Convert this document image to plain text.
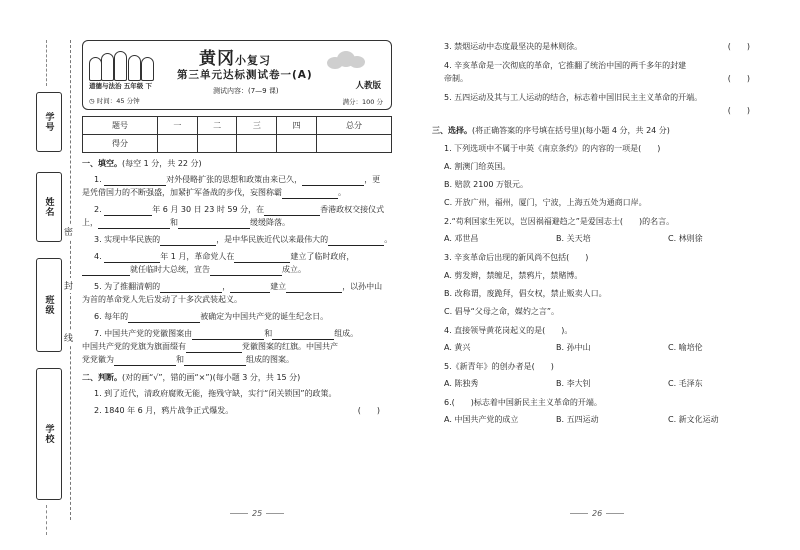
学号
姓名
班级
学校
密
封
线
道德与法治 五年级 下
◷ 时间：45 分钟
黄冈小复习
第三单元达标测试卷一(A)
人教版
测试内容：(7—9 课)
满分：100 分
题号	一	二	三	四	总分
得分					
一、填空。(每空 1 分，共 22 分)
1.	对外侵略扩张的思想和政策由来已久，	，更
是凭借国力的不断强盛，加紧扩军备战的步伐，妄图称霸	。
2.	年 6 月 30 日 23 时 59 分，在	香港政权交接仪式
上，	和	缓缓降落。
3. 实现中华民族的	，是中华民族近代以来最伟大的	。
4.	年 1 月，革命党人在	建立了临时政府，
就任临时大总统，宣告	成立。
5. 为了推翻清朝的	，	建立	，以孙中山
为首的革命党人先后发动了十多次武装起义。
6. 每年的	被确定为中国共产党的诞生纪念日。
7. 中国共产党的党徽图案由	和	组成。
中国共产党的党旗为旗面缀有	党徽图案的红旗。中国共产
党党徽为	和	组成的图案。
二、判断。(对的画“√”，错的画“×”)(每小题 3 分，共 15 分)
1. 到了近代，清政府腐败无能，拖残守缺，实行“闭关锁国”的政策。
2. 1840 年 6 月，鸦片战争正式爆发。	(　　)
25
3. 禁烟运动中态度最坚决的是林则徐。	(　　)
4. 辛亥革命是一次彻底的革命，它推翻了统治中国的两千多年的封建
帝制。	(　　)
5. 五四运动及其与工人运动的结合，标志着中国旧民主主义革命的开端。

(　　)
三、选择。(将正确答案的序号填在括号里)(每小题 4 分，共 24 分)
1. 下列选项中不属于中英《南京条约》的内容的一项是(　　)
A. 割澳门给英国。
B. 赔款 2100 万银元。
C. 开放广州，福州，厦门，宁波，上海五处为通商口岸。
2.“苟利国家生死以，岂因祸福避趋之”是爱国志士(　　)的名言。
A. 邓世昌	B. 关天培	C. 林则徐
3. 辛亥革命后出现的新风尚不包括(　　)
A. 剪发辫，禁缠足，禁鸦片，禁赌博。
B. 改称谓，废跪拜，倡女权，禁止贩卖人口。
C. 倡导“父母之命，媒妁之言”。
4. 直接领导黄花岗起义的是(　　)。
A. 黄兴	B. 孙中山	C. 喻培伦
5.《新青年》的创办者是(　　)
A. 陈独秀	B. 李大钊	C. 毛泽东
6.(　　)标志着中国新民主主义革命的开端。
A. 中国共产党的成立	B. 五四运动	C. 新文化运动
26
